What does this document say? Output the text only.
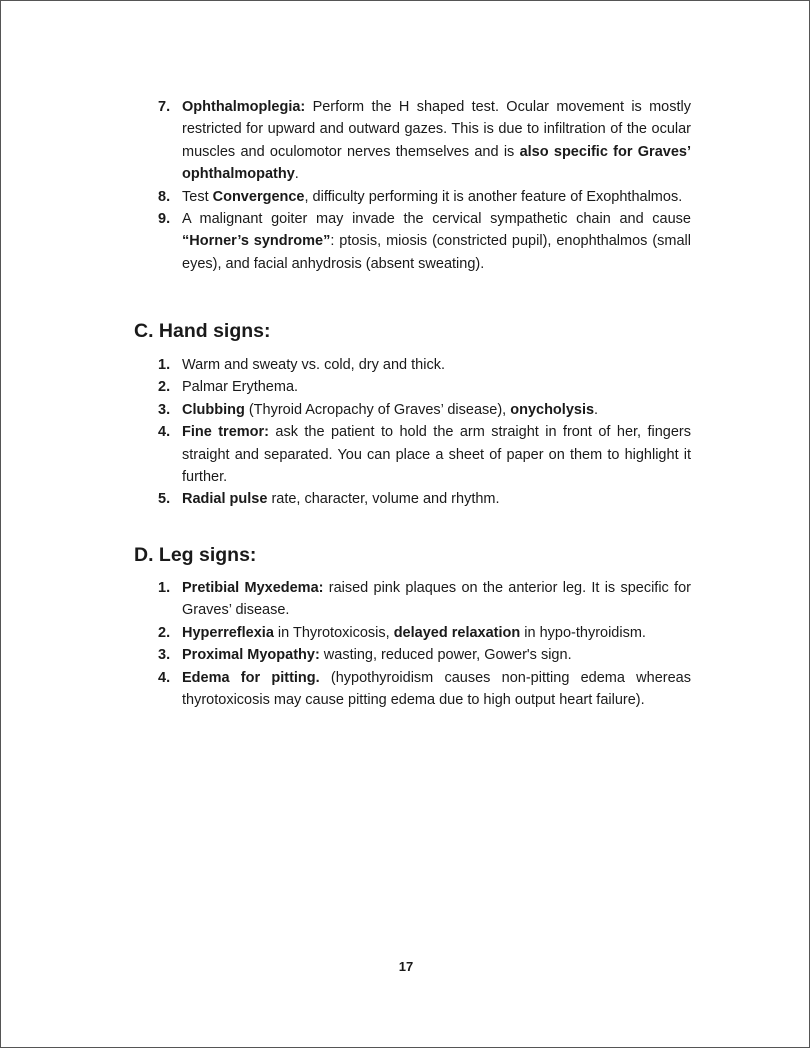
7. Ophthalmoplegia: Perform the H shaped test. Ocular movement is mostly restricted for upward and outward gazes. This is due to infiltration of the ocular muscles and oculomotor nerves themselves and is also specific for Graves’ ophthalmopathy.
8. Test Convergence, difficulty performing it is another feature of Exophthalmos.
9. A malignant goiter may invade the cervical sympathetic chain and cause “Horner’s syndrome”: ptosis, miosis (constricted pupil), enophthalmos (small eyes), and facial anhydrosis (absent sweating).
C. Hand signs:
1. Warm and sweaty vs. cold, dry and thick.
2. Palmar Erythema.
3. Clubbing (Thyroid Acropachy of Graves’ disease), onycholysis.
4. Fine tremor: ask the patient to hold the arm straight in front of her, fingers straight and separated. You can place a sheet of paper on them to highlight it further.
5. Radial pulse rate, character, volume and rhythm.
D. Leg signs:
1. Pretibial Myxedema: raised pink plaques on the anterior leg. It is specific for Graves’ disease.
2. Hyperreflexia in Thyrotoxicosis, delayed relaxation in hypo-thyroidism.
3. Proximal Myopathy: wasting, reduced power, Gower's sign.
4. Edema for pitting. (hypothyroidism causes non-pitting edema whereas thyrotoxicosis may cause pitting edema due to high output heart failure).
17
